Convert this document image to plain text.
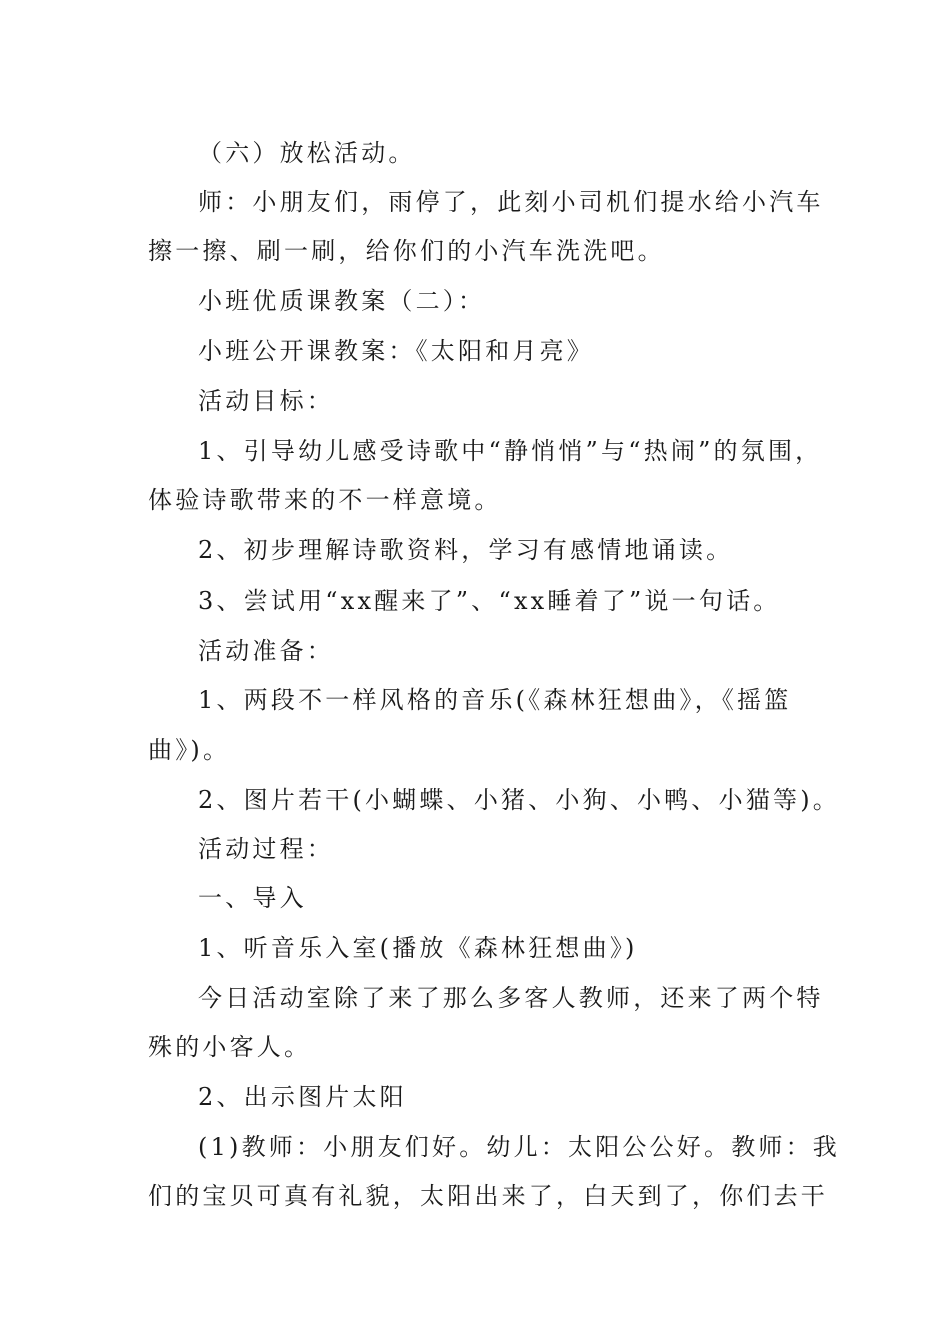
（六）放松活动。
师：小朋友们，雨停了，此刻小司机们提水给小汽车
擦一擦、刷一刷，给你们的小汽车洗洗吧。
小班优质课教案（二）：
小班公开课教案：《太阳和月亮》
活动目标：
1、引导幼儿感受诗歌中“静悄悄”与“热闹”的氛围，
体验诗歌带来的不一样意境。
2、初步理解诗歌资料，学习有感情地诵读。
3、尝试用“xx醒来了”、“xx睡着了”说一句话。
活动准备：
1、两段不一样风格的音乐(《森林狂想曲》，《摇篮
曲》)。
2、图片若干(小蝴蝶、小猪、小狗、小鸭、小猫等)。
活动过程：
一、导入
1、听音乐入室(播放《森林狂想曲》)
今日活动室除了来了那么多客人教师，还来了两个特
殊的小客人。
2、出示图片太阳
(1)教师：小朋友们好。幼儿：太阳公公好。教师：我
们的宝贝可真有礼貌，太阳出来了，白天到了，你们去干
